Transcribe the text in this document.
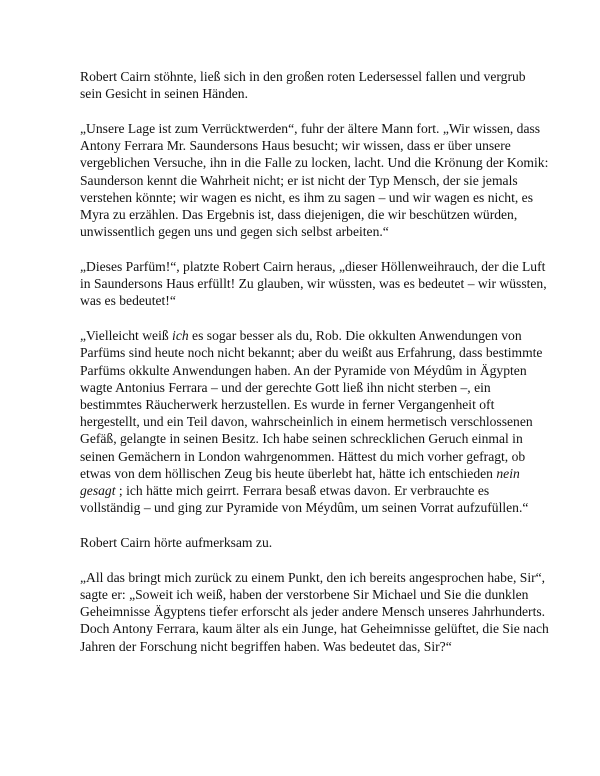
Robert Cairn stöhnte, ließ sich in den großen roten Ledersessel fallen und vergrub sein Gesicht in seinen Händen.

„Unsere Lage ist zum Verrücktwerden“, fuhr der ältere Mann fort. „Wir wissen, dass Antony Ferrara Mr. Saundersons Haus besucht; wir wissen, dass er über unsere vergeblichen Versuche, ihn in die Falle zu locken, lacht. Und die Krönung der Komik: Saunderson kennt die Wahrheit nicht; er ist nicht der Typ Mensch, der sie jemals verstehen könnte; wir wagen es nicht, es ihm zu sagen – und wir wagen es nicht, es Myra zu erzählen. Das Ergebnis ist, dass diejenigen, die wir beschützen würden, unwissentlich gegen uns und gegen sich selbst arbeiten.“

„Dieses Parfüm!“, platzte Robert Cairn heraus, „dieser Höllenweihrauch, der die Luft in Saundersons Haus erfüllt! Zu glauben, wir wüssten, was es bedeutet – wir wüssten, was es bedeutet!“

„Vielleicht weiß ich es sogar besser als du, Rob. Die okkulten Anwendungen von Parfüms sind heute noch nicht bekannt; aber du weißt aus Erfahrung, dass bestimmte Parfüms okkulte Anwendungen haben. An der Pyramide von Méydûm in Ägypten wagte Antonius Ferrara – und der gerechte Gott ließ ihn nicht sterben –, ein bestimmtes Räucherwerk herzustellen. Es wurde in ferner Vergangenheit oft hergestellt, und ein Teil davon, wahrscheinlich in einem hermetisch verschlossenen Gefäß, gelangte in seinen Besitz. Ich habe seinen schrecklichen Geruch einmal in seinen Gemächern in London wahrgenommen. Hättest du mich vorher gefragt, ob etwas von dem höllischen Zeug bis heute überlebt hat, hätte ich entschieden nein gesagt ; ich hätte mich geirrt. Ferrara besaß etwas davon. Er verbrauchte es vollständig – und ging zur Pyramide von Méydûm, um seinen Vorrat aufzufüllen.“

Robert Cairn hörte aufmerksam zu.

„All das bringt mich zurück zu einem Punkt, den ich bereits angesprochen habe, Sir“, sagte er: „Soweit ich weiß, haben der verstorbene Sir Michael und Sie die dunklen Geheimnisse Ägyptens tiefer erforscht als jeder andere Mensch unseres Jahrhunderts. Doch Antony Ferrara, kaum älter als ein Junge, hat Geheimnisse gelüftet, die Sie nach Jahren der Forschung nicht begriffen haben. Was bedeutet das, Sir?“
